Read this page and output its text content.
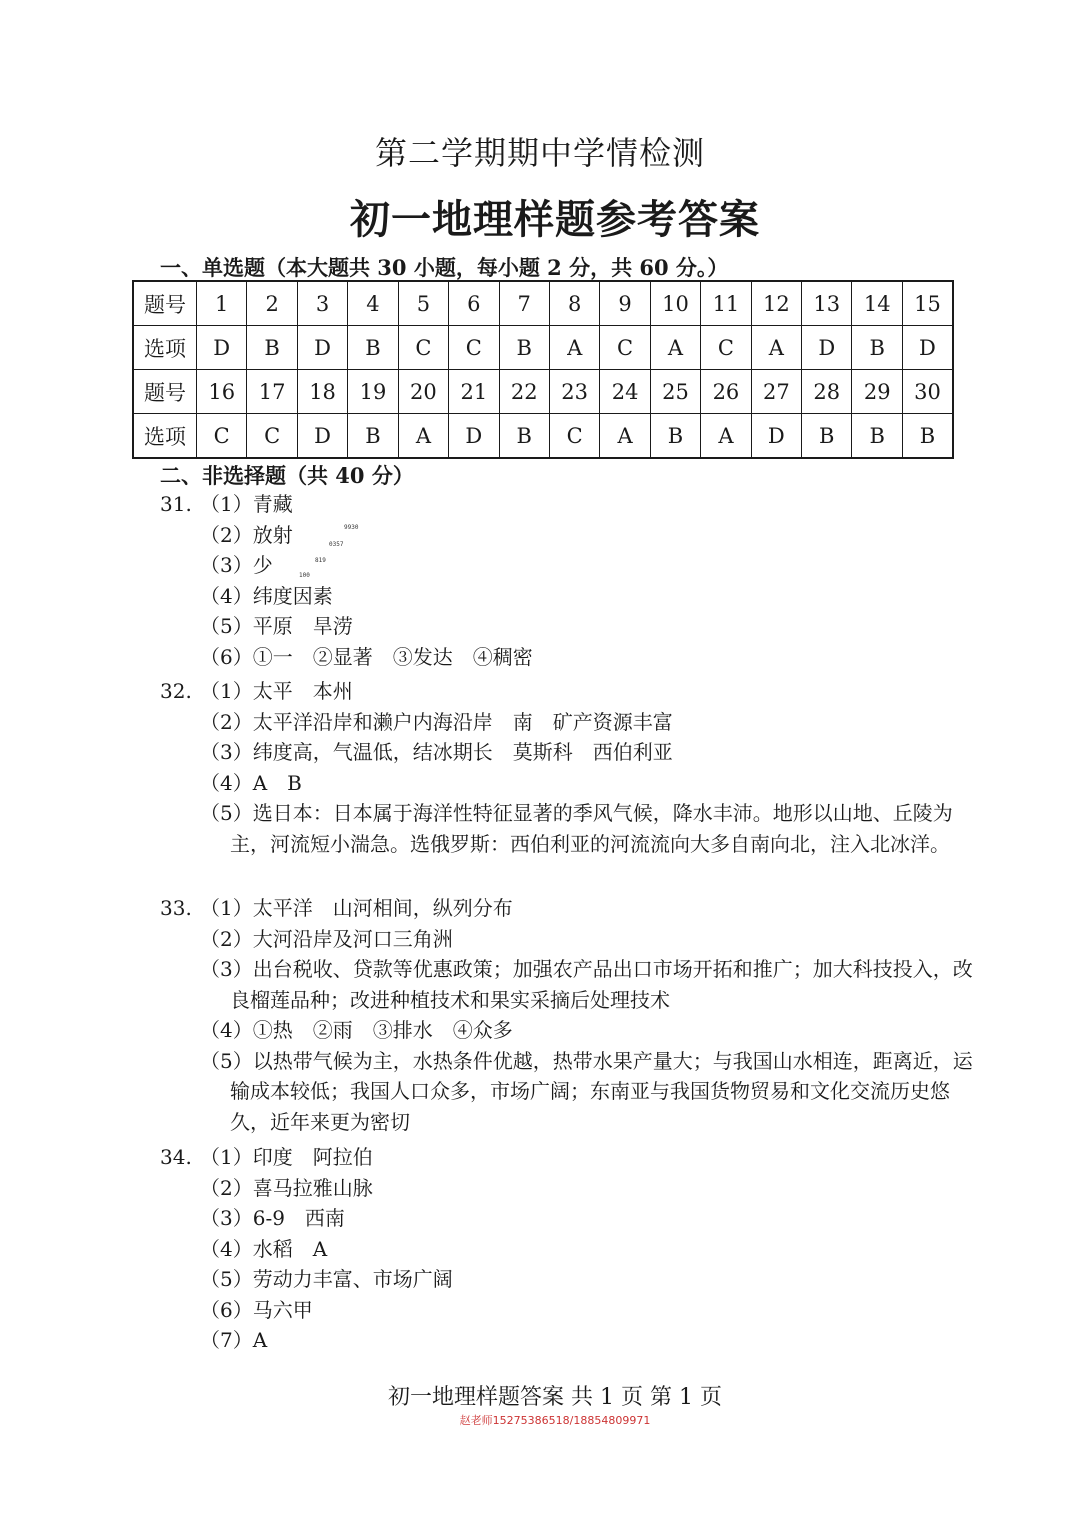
第二学期期中学情检测
初一地理样题参考答案
一、单选题（本大题共 30 小题，每小题 2 分，共 60 分。）
题号	1	2	3	4	5	6	7	8	9	10	11	12	13	14	15
选项	D	B	D	B	C	C	B	A	C	A	C	A	D	B	D
题号	16	17	18	19	20	21	22	23	24	25	26	27	28	29	30
选项	C	C	D	B	A	D	B	C	A	B	A	D	B	B	B
二、非选择题（共 40 分）
31. （1）青藏
（2）放射
（3）少
（4）纬度因素
（5）平原　旱涝
（6）①一　②显著　③发达　④稠密
32. （1）太平　本州
（2）太平洋沿岸和濑户内海沿岸　南　矿产资源丰富
（3）纬度高，气温低，结冰期长　莫斯科　西伯利亚
（4）A　B
（5）选日本：日本属于海洋性特征显著的季风气候，降水丰沛。地形以山地、丘陵为主，河流短小湍急。选俄罗斯：西伯利亚的河流流向大多自南向北，注入北冰洋。
33. （1）太平洋　山河相间，纵列分布
（2）大河沿岸及河口三角洲
（3）出台税收、贷款等优惠政策；加强农产品出口市场开拓和推广；加大科技投入，改良榴莲品种；改进种植技术和果实采摘后处理技术
（4）①热　②雨　③排水　④众多
（5）以热带气候为主，水热条件优越，热带水果产量大；与我国山水相连，距离近，运输成本较低；我国人口众多，市场广阔；东南亚与我国货物贸易和文化交流历史悠久，近年来更为密切
34. （1）印度　阿拉伯
（2）喜马拉雅山脉
（3）6-9　西南
（4）水稻　A
（5）劳动力丰富、市场广阔
（6）马六甲
（7）A
9930
0357
819
100
初一地理样题答案 共 1 页 第 1 页
赵老师15275386518/18854809971
